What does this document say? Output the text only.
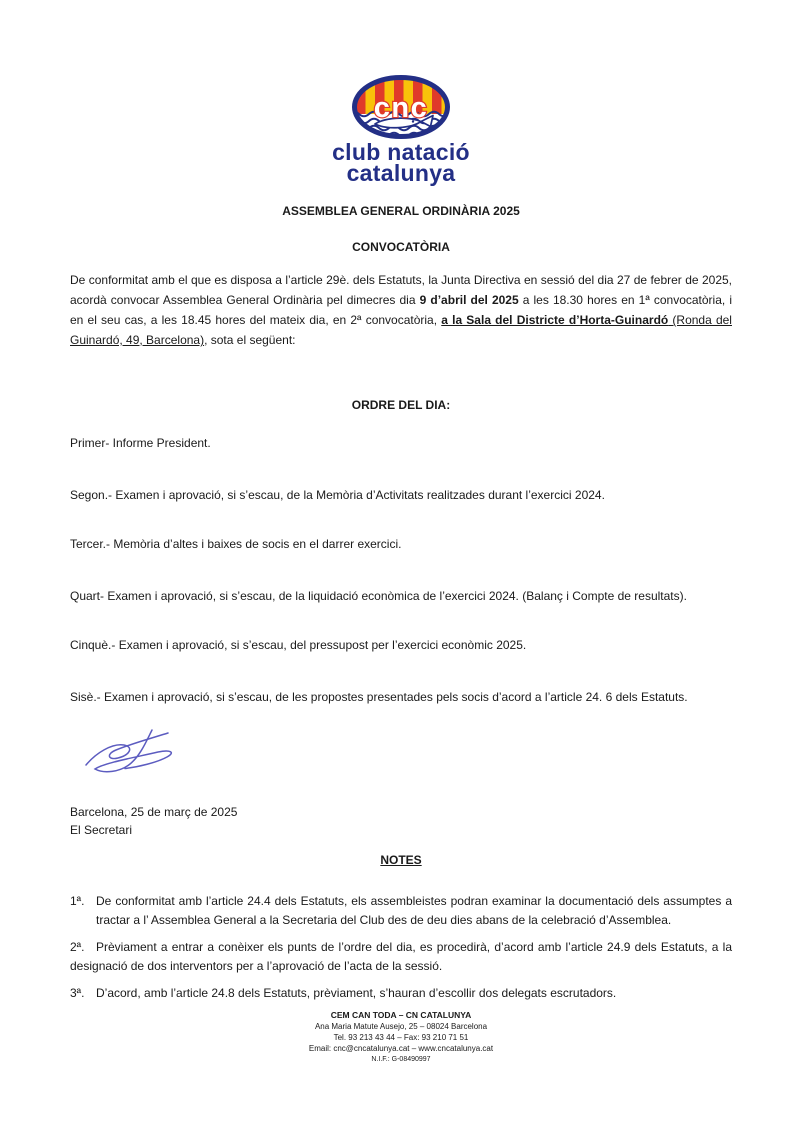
cnc
club natació
catalunya
ASSEMBLEA GENERAL ORDINÀRIA 2025
CONVOCATÒRIA

De conformitat amb el que es disposa a l’article 29è. dels Estatuts, la Junta Directiva en sessió del dia 27 de febrer de 2025, acordà convocar Assemblea General Ordinària pel dimecres dia 9 d’abril del 2025 a les 18.30 hores en 1ª convocatòria, i en el seu cas, a les 18.45 hores del mateix dia, en 2ª convocatòria, a la Sala del Districte d’Horta-Guinardó (Ronda del Guinardó, 49, Barcelona), sota el següent:

ORDRE DEL DIA:

Primer- Informe President.

Segon.- Examen i aprovació, si s’escau, de la Memòria d’Activitats realitzades durant l’exercici 2024.

Tercer.- Memòria d’altes i baixes de socis en el darrer exercici.

Quart- Examen i aprovació, si s’escau, de la liquidació econòmica de l’exercici 2024. (Balanç i Compte de resultats).

Cinquè.- Examen i aprovació, si s’escau, del pressupost per l’exercici econòmic 2025.

Sisè.- Examen i aprovació, si s’escau, de les propostes presentades pels socis d’acord a l’article 24. 6 dels Estatuts.

Barcelona, 25 de març de 2025
El Secretari
NOTES

1ª. De conformitat amb l’article 24.4 dels Estatuts, els assembleistes podran examinar la documentació dels assumptes a tractar a l’ Assemblea General a la Secretaria del Club des de deu dies abans de la celebració d’Assemblea.

2ª. Prèviament a entrar a conèixer els punts de l’ordre del dia, es procedirà, d’acord amb l’article 24.9 dels Estatuts, a la designació de dos interventors per a l’aprovació de l’acta de la sessió.

3ª. D’acord, amb l’article 24.8 dels Estatuts, prèviament, s’hauran d’escollir dos delegats escrutadors.

CEM CAN TODA – CN CATALUNYA
Ana Maria Matute Ausejo, 25 – 08024 Barcelona
Tel. 93 213 43 44 – Fax: 93 210 71 51
Email: cnc@cncatalunya.cat – www.cncatalunya.cat
N.I.F.: G-08490997
